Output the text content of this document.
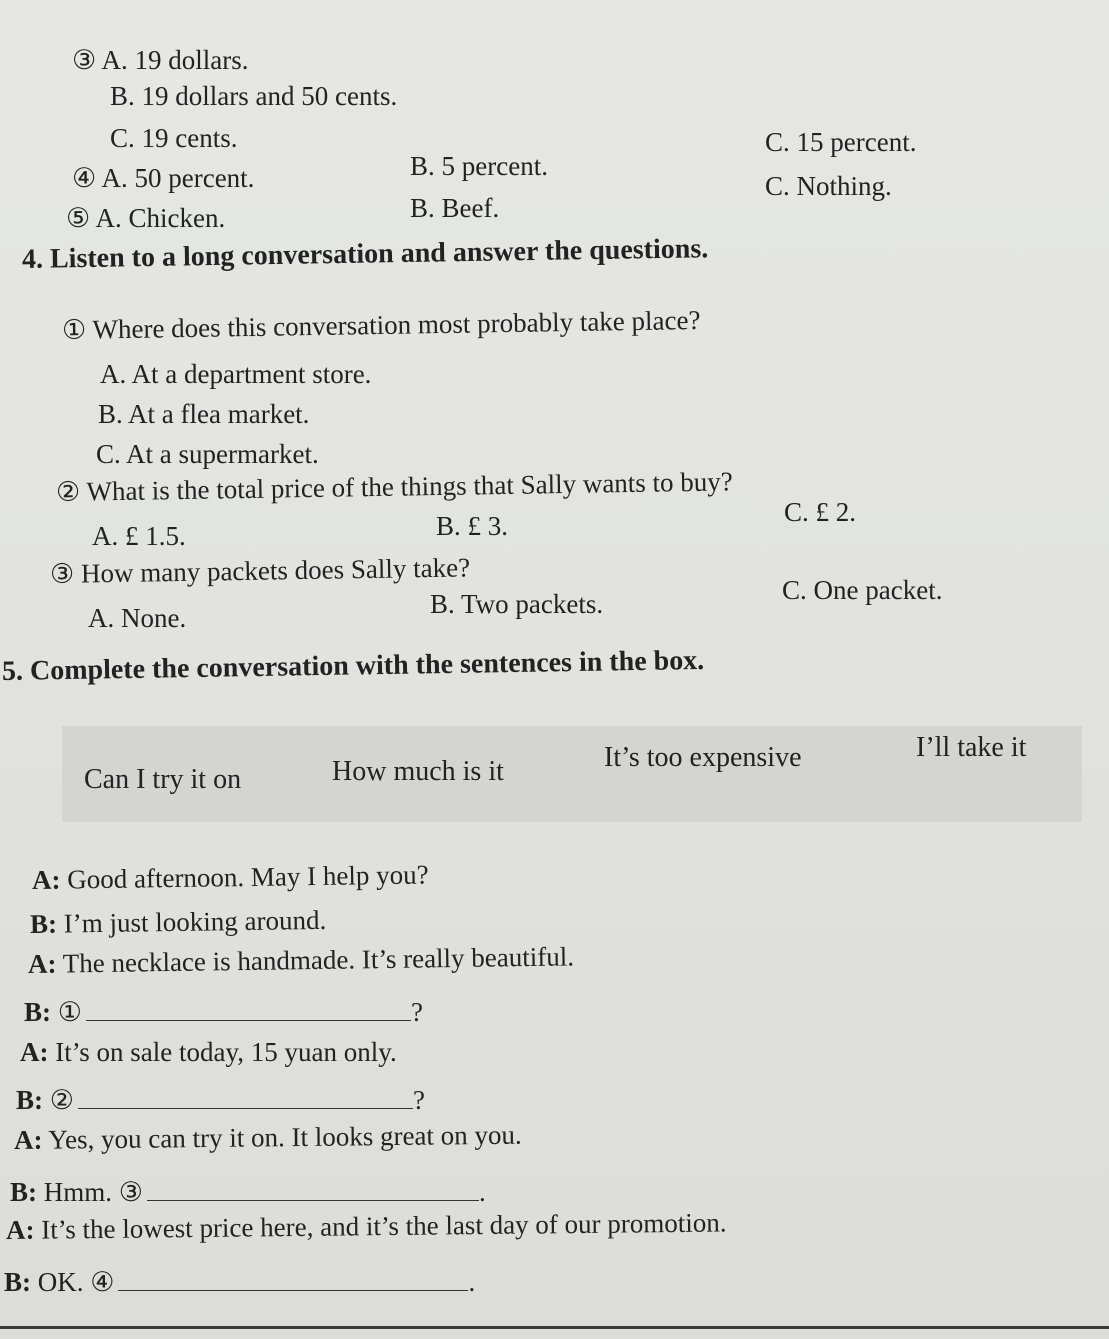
③ A. 19 dollars.
B. 19 dollars and 50 cents.
C. 19 cents.
④ A. 50 percent.	B. 5 percent.
C. 15 percent.
⑤ A. Chicken.	B. Beef.
C. Nothing.
4. Listen to a long conversation and answer the questions.
① Where does this conversation most probably take place?
A. At a department store.
B. At a flea market.
C. At a supermarket.
② What is the total price of the things that Sally wants to buy?
A. £ 1.5.	B. £ 3.	C. £ 2.
③ How many packets does Sally take?
A. None.	B. Two packets.	C. One packet.
5. Complete the conversation with the sentences in the box.
Can I try it on	How much is it	It’s too expensive	I’ll take it
A: Good afternoon. May I help you?
B: I’m just looking around.
A: The necklace is handmade. It’s really beautiful.
B: ①	?
A: It’s on sale today, 15 yuan only.
B: ②	?
A: Yes, you can try it on. It looks great on you.
B: Hmm. ③	.
A: It’s the lowest price here, and it’s the last day of our promotion.
B: OK. ④	.
